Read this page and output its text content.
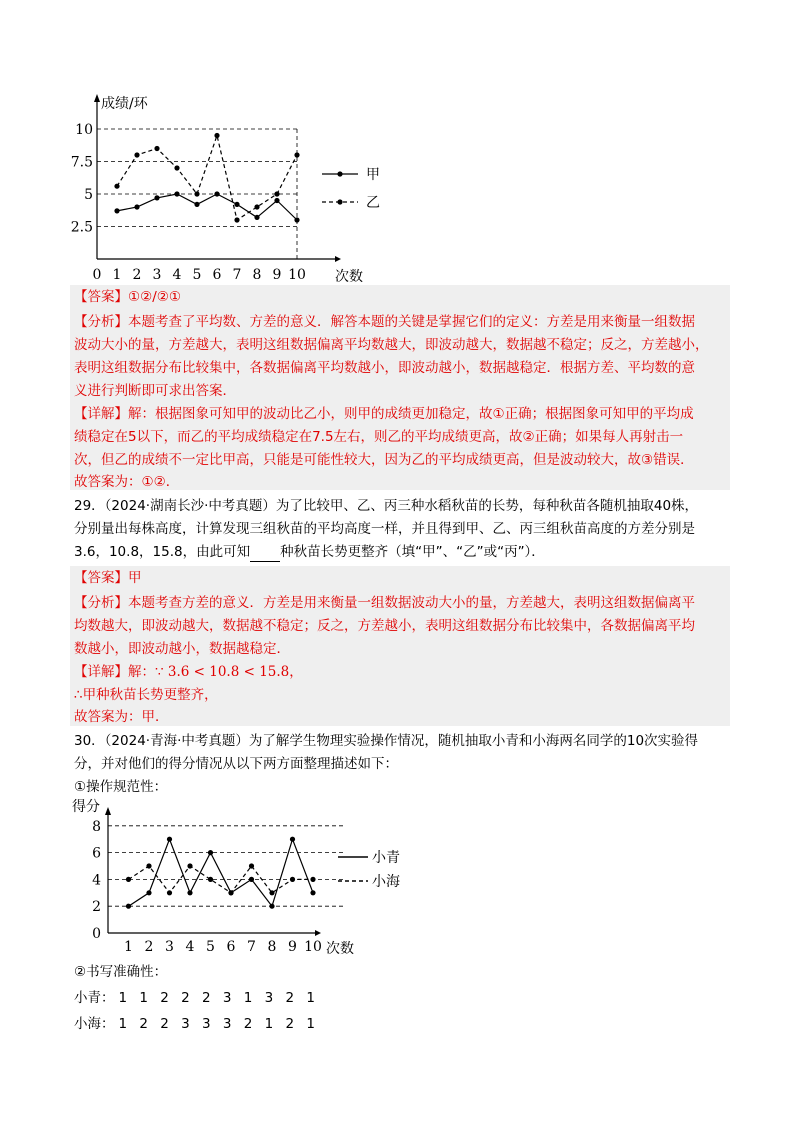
2.5
5
7.5
10
0 1 2 3 4 5 6 7 8 9 10
成绩/环
次数
甲
乙
【答案】①②/②①
【分析】本题考查了平均数、方差的意义．解答本题的关键是掌握它们的定义：方差是用来衡量一组数据
波动大小的量，方差越大，表明这组数据偏离平均数越大，即波动越大，数据越不稳定；反之，方差越小，
表明这组数据分布比较集中，各数据偏离平均数越小，即波动越小，数据越稳定．根据方差、平均数的意
义进行判断即可求出答案．
【详解】解：根据图象可知甲的波动比乙小，则甲的成绩更加稳定，故①正确；根据图象可知甲的平均成
绩稳定在5以下，而乙的平均成绩稳定在7.5左右，则乙的平均成绩更高，故②正确；如果每人再射击一
次，但乙的成绩不一定比甲高，只能是可能性较大，因为乙的平均成绩更高，但是波动较大，故③错误．
故答案为：①②．
29．（2024·湖南长沙·中考真题）为了比较甲、乙、丙三种水稻秋苗的长势，每种秋苗各随机抽取40株，
分别量出每株高度，计算发现三组秋苗的平均高度一样，并且得到甲、乙、丙三组秋苗高度的方差分别是
3.6，10.8，15.8，由此可知 种秋苗长势更整齐（填“甲”、“乙”或“丙”）．
【答案】甲
【分析】本题考查方差的意义．方差是用来衡量一组数据波动大小的量，方差越大，表明这组数据偏离平
均数越大，即波动越大，数据越不稳定；反之，方差越小，表明这组数据分布比较集中，各数据偏离平均
数越小，即波动越小，数据越稳定．
【详解】解：∵ 3.6 < 10.8 < 15.8，
∴甲种秋苗长势更整齐，
故答案为：甲．
30．（2024·青海·中考真题）为了解学生物理实验操作情况，随机抽取小青和小海两名同学的10次实验得
分，并对他们的得分情况从以下两方面整理描述如下：
①操作规范性：
0
2
4
6
8
1 2 3 4 5 6 7 8 9 10
得分
次数
小青
小海
②书写准确性：
小青： 1 1 2 2 2 3 1 3 2 1
小海： 1 2 2 3 3 3 2 1 2 1
